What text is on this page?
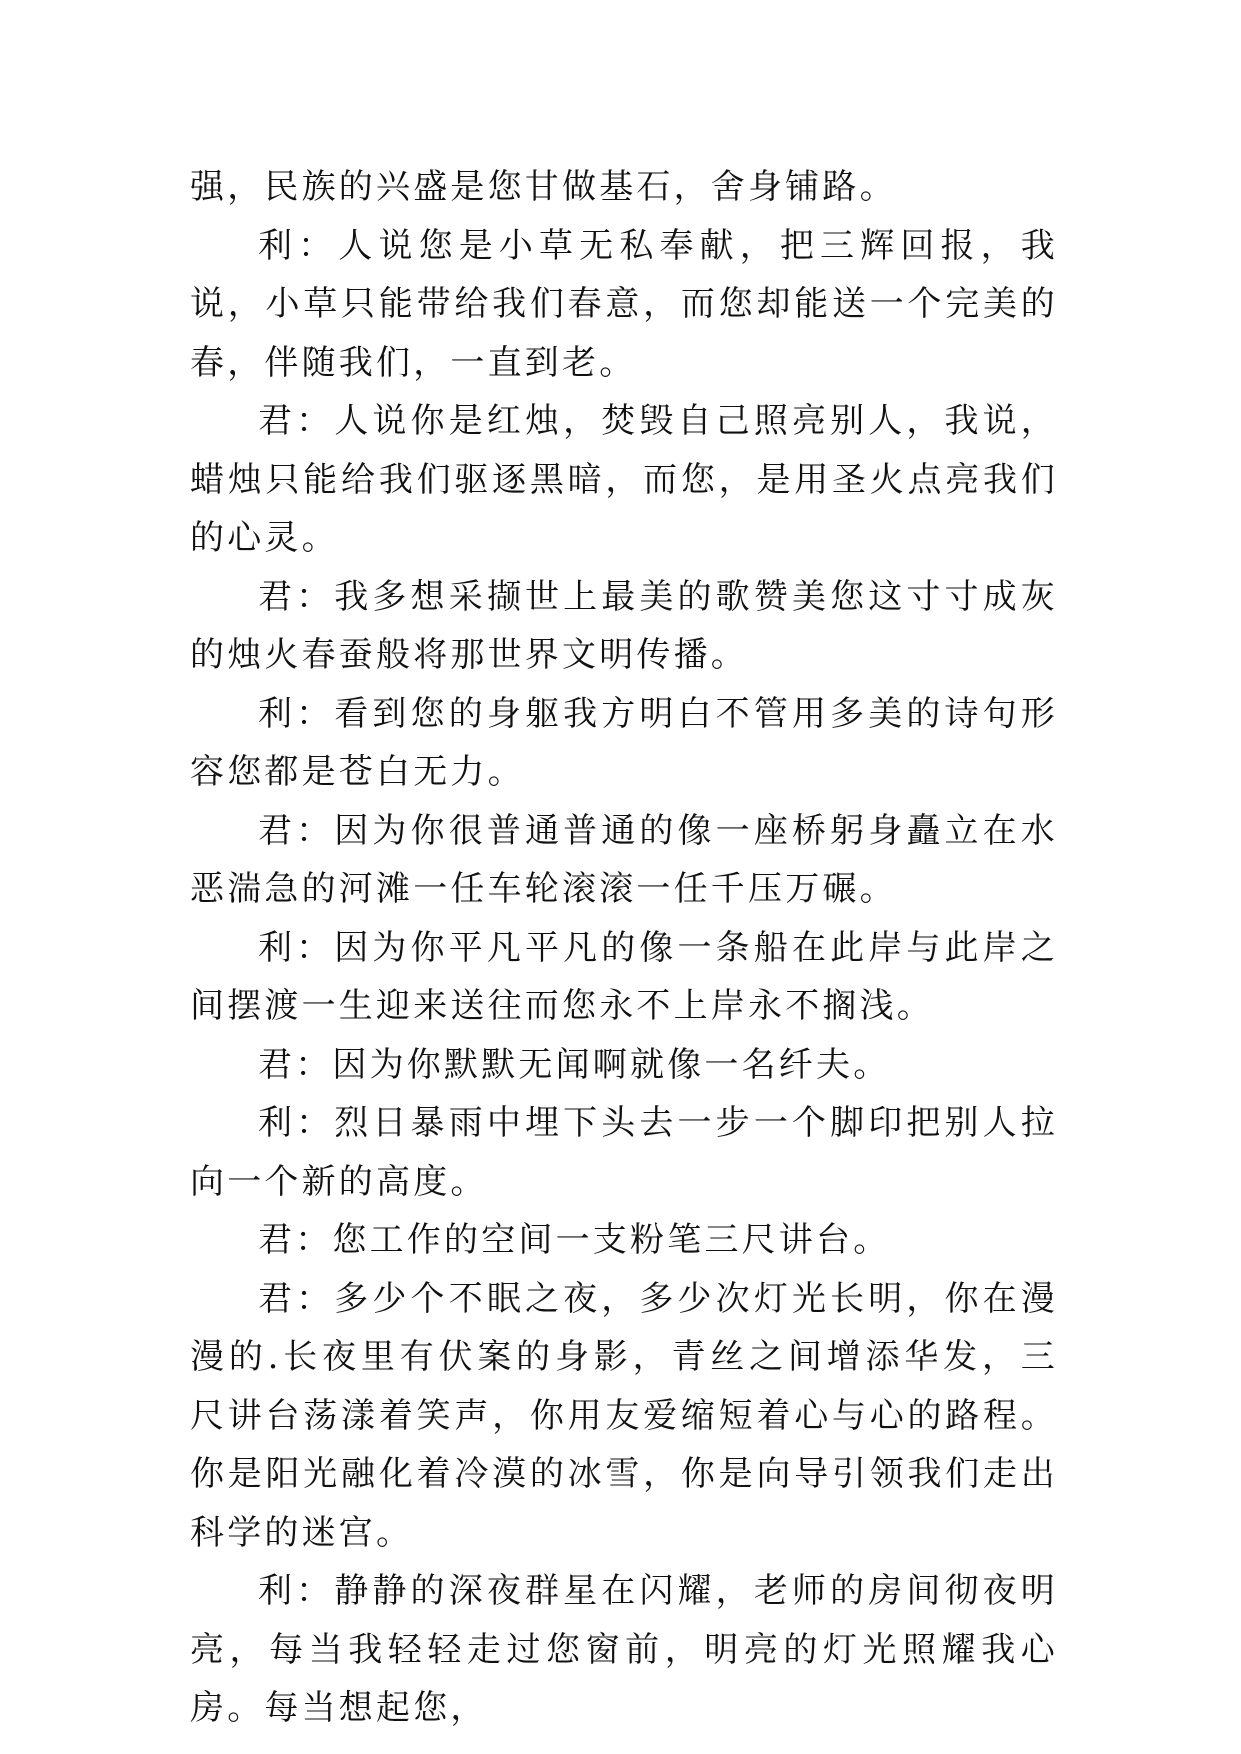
强，民族的兴盛是您甘做基石，舍身铺路。

利：人说您是小草无私奉献，把三辉回报，我说，小草只能带给我们春意，而您却能送一个完美的春，伴随我们，一直到老。

君：人说你是红烛，焚毁自己照亮别人，我说，蜡烛只能给我们驱逐黑暗，而您，是用圣火点亮我们的心灵。

君：我多想采撷世上最美的歌赞美您这寸寸成灰的烛火春蚕般将那世界文明传播。

利：看到您的身躯我方明白不管用多美的诗句形容您都是苍白无力。

君：因为你很普通普通的像一座桥躬身矗立在水恶湍急的河滩一任车轮滚滚一任千压万碾。

利：因为你平凡平凡的像一条船在此岸与此岸之间摆渡一生迎来送往而您永不上岸永不搁浅。

君：因为你默默无闻啊就像一名纤夫。

利：烈日暴雨中埋下头去一步一个脚印把别人拉向一个新的高度。

君：您工作的空间一支粉笔三尺讲台。

君：多少个不眠之夜，多少次灯光长明，你在漫漫的.长夜里有伏案的身影，青丝之间增添华发，三尺讲台荡漾着笑声，你用友爱缩短着心与心的路程。你是阳光融化着冷漠的冰雪，你是向导引领我们走出科学的迷宫。

利：静静的深夜群星在闪耀，老师的房间彻夜明亮，每当我轻轻走过您窗前，明亮的灯光照耀我心房。每当想起您，
